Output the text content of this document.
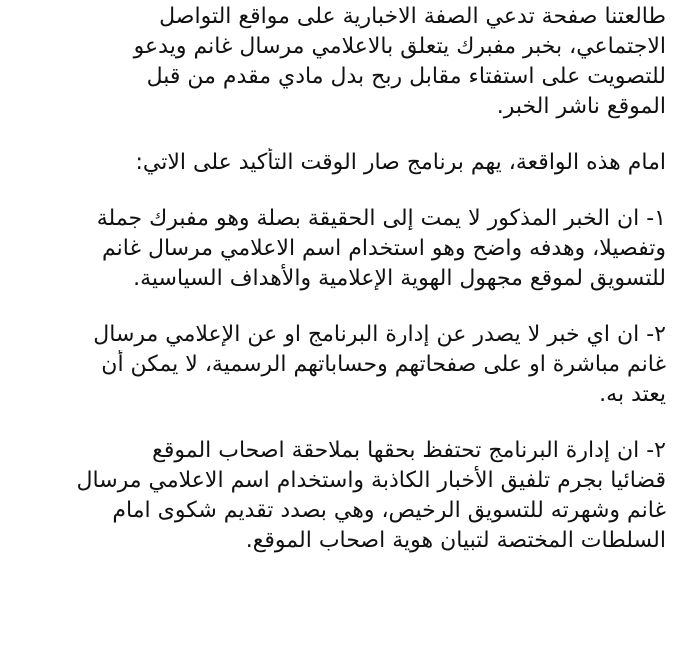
طالعتنا صفحة تدعي الصفة الاخبارية على مواقع التواصل
الاجتماعي، بخبر مفبرك يتعلق بالاعلامي مرسال غانم ويدعو
للتصويت على استفتاء مقابل ربح بدل مادي مقدم من قبل
الموقع ناشر الخبر.
امام هذه الواقعة، يهم برنامج صار الوقت التأكيد على الاتي:
١- ان الخبر المذكور لا يمت إلى الحقيقة بصلة وهو مفبرك جملة
وتفصيلا، وهدفه واضح وهو استخدام اسم الاعلامي مرسال غانم
للتسويق لموقع مجهول الهوية الإعلامية والأهداف السياسية.
٢- ان اي خبر لا يصدر عن إدارة البرنامج او عن الإعلامي مرسال
غانم مباشرة او على صفحاتهم وحساباتهم الرسمية، لا يمكن أن
يعتد به.
٢- ان إدارة البرنامج تحتفظ بحقها بملاحقة اصحاب الموقع
قضائيا بجرم تلفيق الأخبار الكاذبة واستخدام اسم الاعلامي مرسال
غانم وشهرته للتسويق الرخيص، وهي بصدد تقديم شكوى امام
السلطات المختصة لتبيان هوية اصحاب الموقع.
